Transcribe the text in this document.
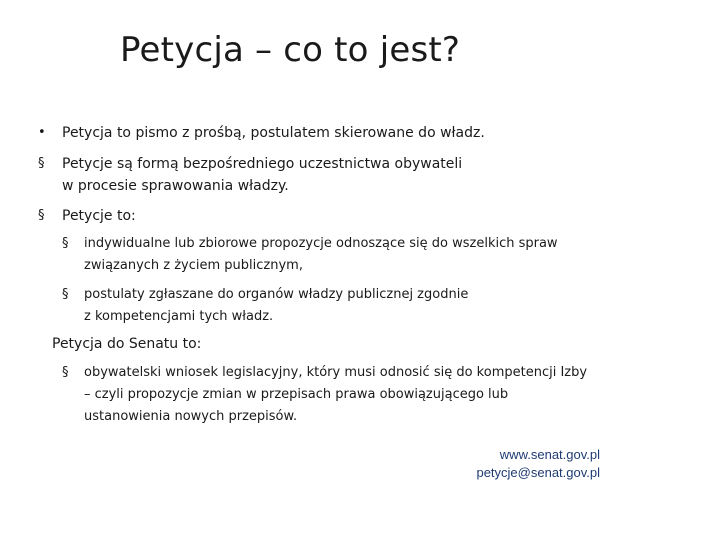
Petycja – co to jest?
• Petycja to pismo z prośbą, postulatem skierowane do władz.
§ Petycje są formą bezpośredniego uczestnictwa obywateli
w procesie sprawowania władzy.
§ Petycje to:
§ indywidualne lub zbiorowe propozycje odnoszące się do wszelkich spraw
związanych z życiem publicznym,
§ postulaty zgłaszane do organów władzy publicznej zgodnie
z kompetencjami tych władz.
Petycja do Senatu to:
§ obywatelski wniosek legislacyjny, który musi odnosić się do kompetencji Izby
– czyli propozycje zmian w przepisach prawa obowiązującego lub
ustanowienia nowych przepisów.
www.senat.gov.pl
petycje@senat.gov.pl
